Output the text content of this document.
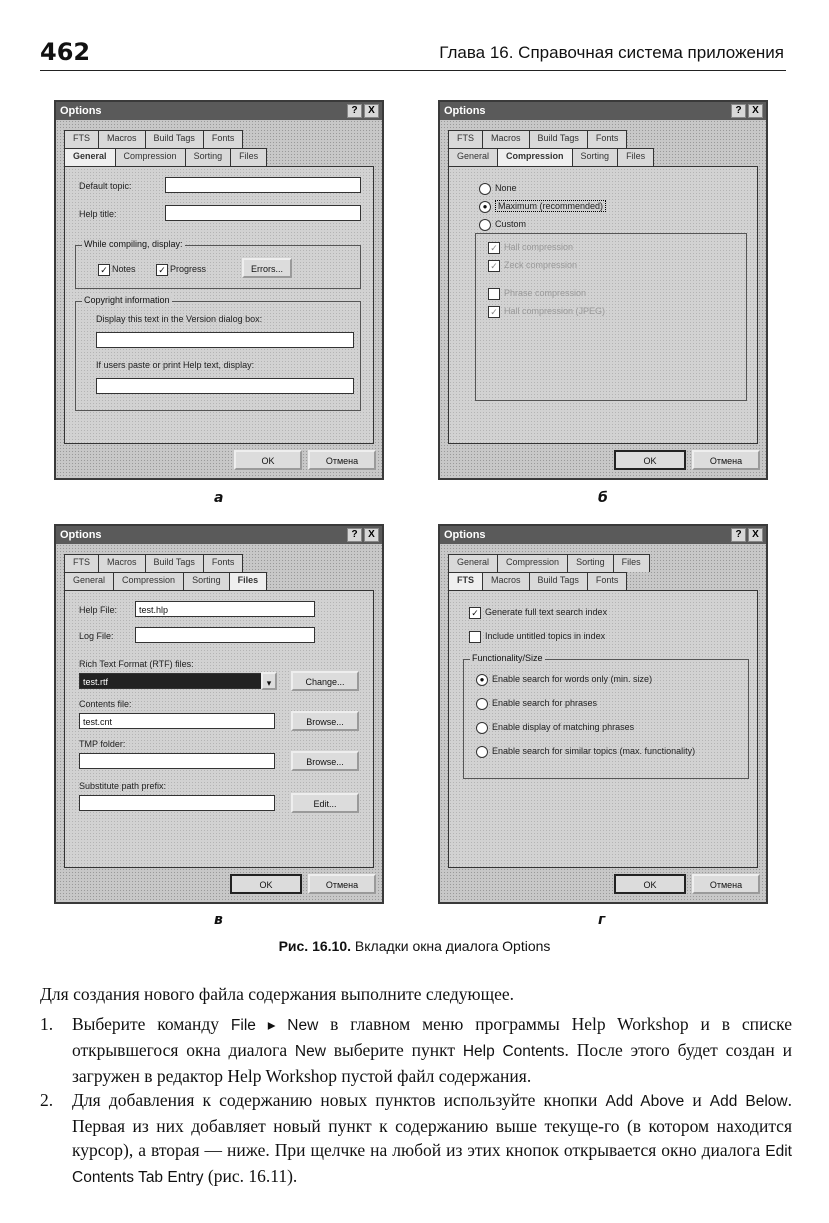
462	Глава 16. Справочная система приложения
Options	?	X
FTS	Macros	Build Tags	Fonts
General	Compression	Sorting	Files
Default topic:
Help title:
While compiling, display:
✓ Notes	✓ Progress	Errors...
Copyright information
Display this text in the Version dialog box:
If users paste or print Help text, display:
OK	Отмена
а
Options	?	X
FTS	Macros	Build Tags	Fonts
General	Compression	Sorting	Files
None
●	Maximum (recommended)
Custom
✓ Hall compression
✓ Zeck compression
Phrase compression
✓ Hall compression (JPEG)
OK	Отмена
б
Options	?	X
FTS	Macros	Build Tags	Fonts
General	Compression	Sorting	Files
Help File:	test.hlp
Log File:
Rich Text Format (RTF) files:
test.rtf	▾	Change...
Contents file:
test.cnt	Browse...
TMP folder:
Browse...
Substitute path prefix:
Edit...
OK	Отмена
в
Options	?	X
General	Compression	Sorting	Files
FTS	Macros	Build Tags	Fonts
✓ Generate full text search index
Include untitled topics in index
Functionality/Size
● Enable search for words only (min. size)
Enable search for phrases
Enable display of matching phrases
Enable search for similar topics (max. functionality)
OK	Отмена
г
Рис. 16.10. Вкладки окна диалога Options

Для создания нового файла содержания выполните следующее.

1. Выберите команду File ▸ New в главном меню программы Help Workshop и в списке открывшегося окна диалога New выберите пункт Help Contents. После этого будет создан и загружен в редактор Help Workshop пустой файл содержания.
2. Для добавления к содержанию новых пунктов используйте кнопки Add Above и Add Below. Первая из них добавляет новый пункт к содержанию выше текуще-го (в котором находится курсор), а вторая — ниже. При щелчке на любой из этих кнопок открывается окно диалога Edit Contents Tab Entry (рис. 16.11).
